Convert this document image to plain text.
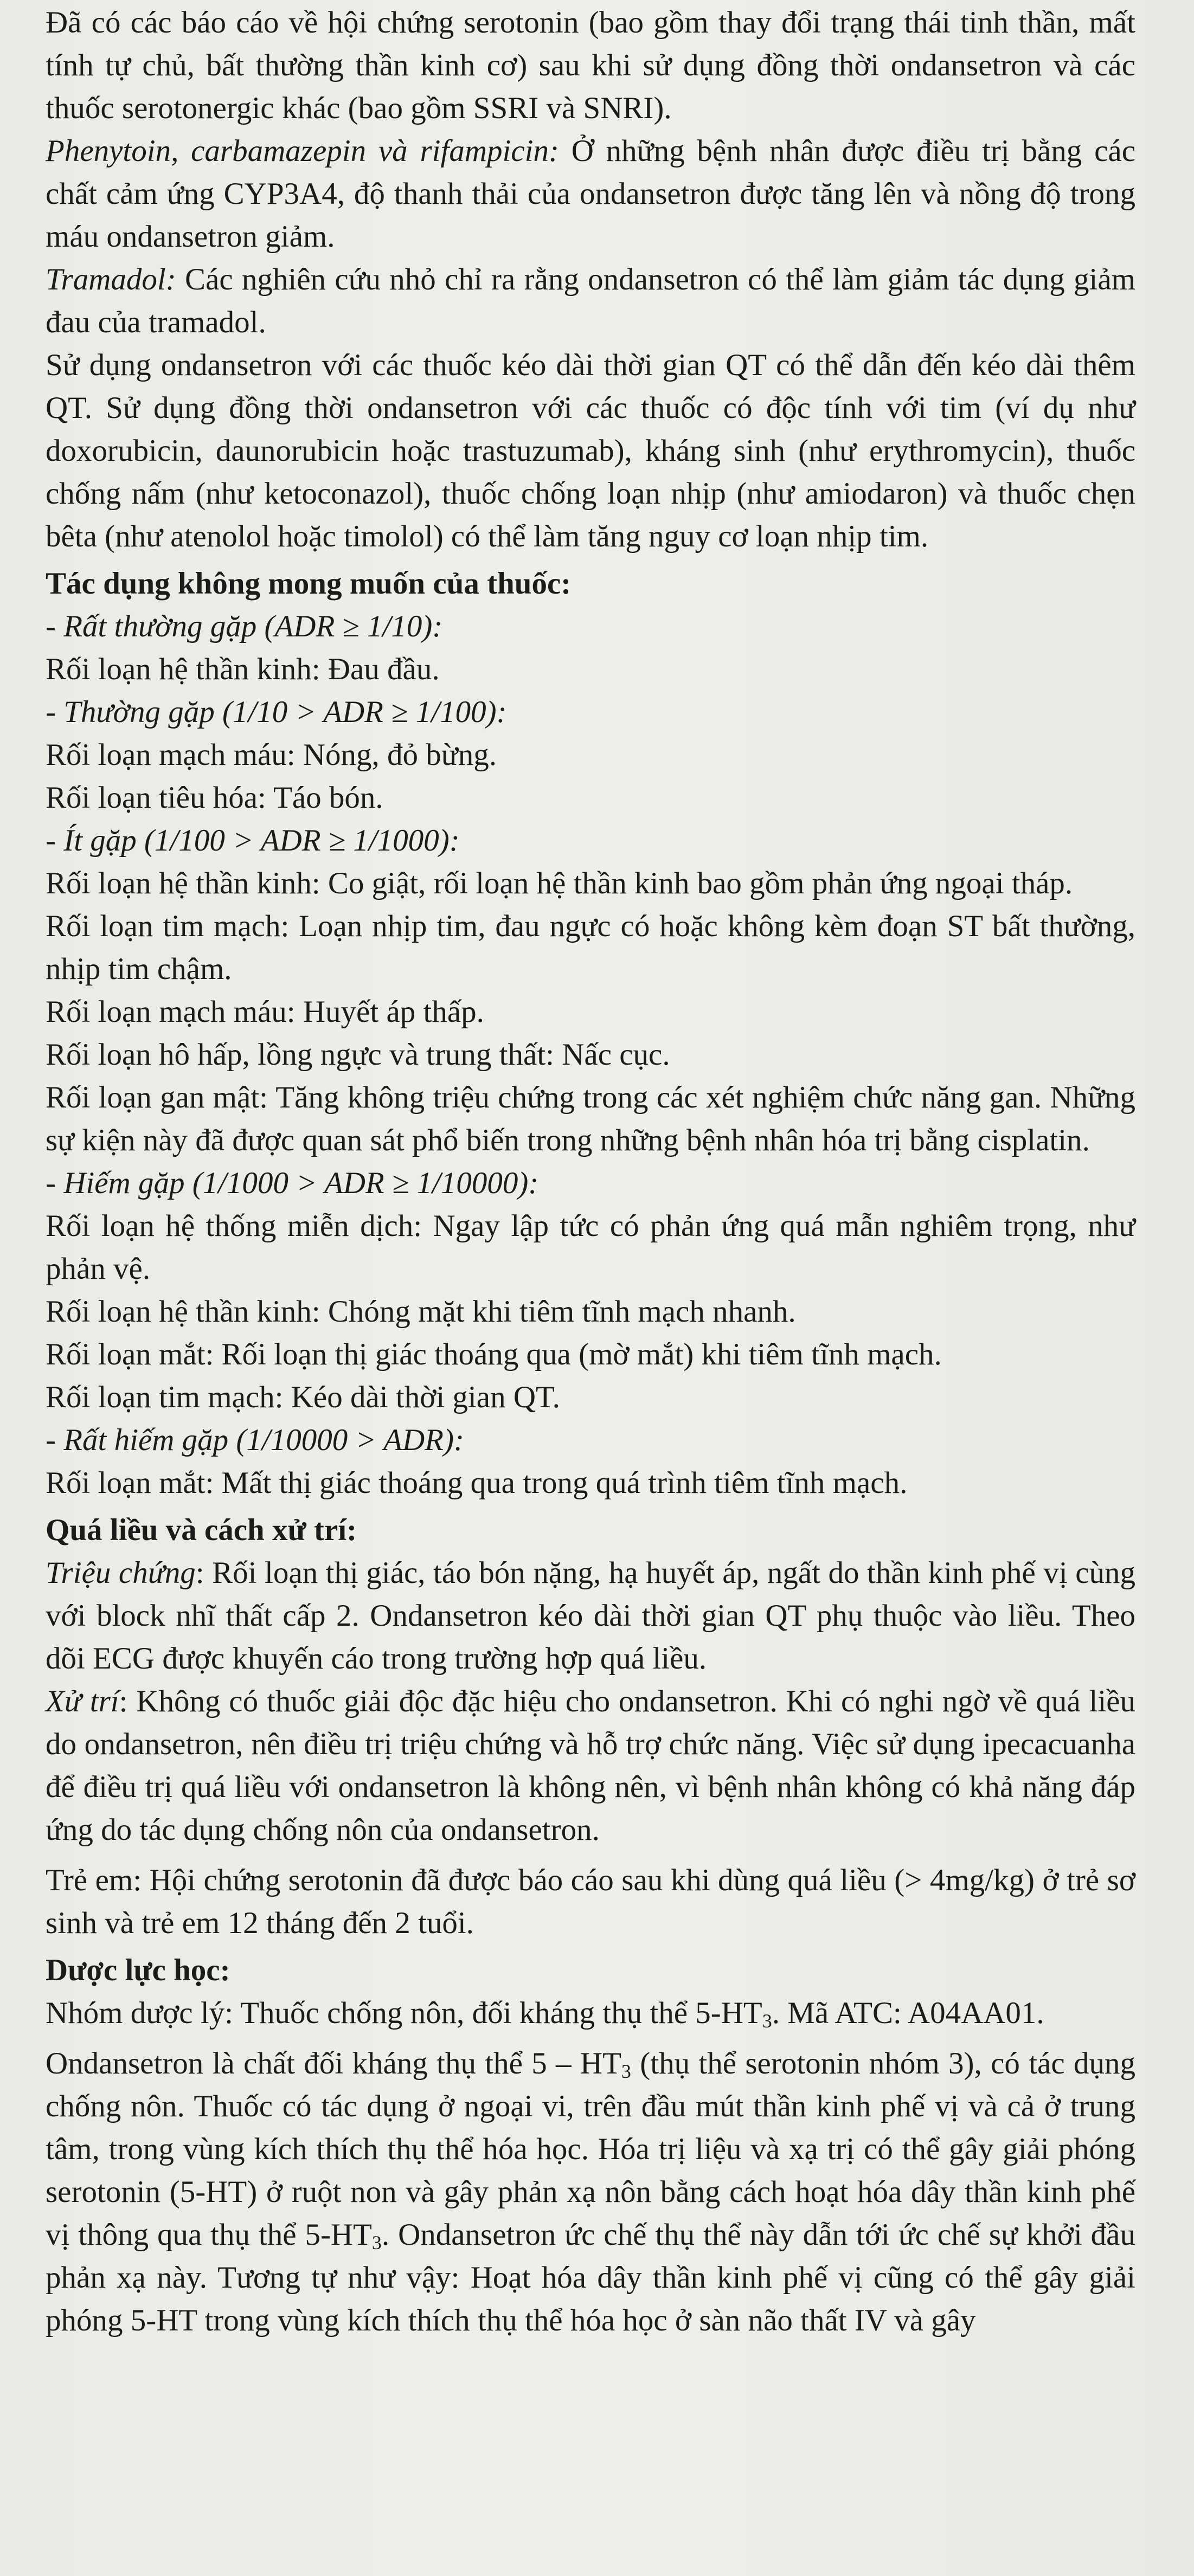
Đã có các báo cáo về hội chứng serotonin (bao gồm thay đổi trạng thái tinh thần, mất tính tự chủ, bất thường thần kinh cơ) sau khi sử dụng đồng thời ondansetron và các thuốc serotonergic khác (bao gồm SSRI và SNRI).

Phenytoin, carbamazepin và rifampicin: Ở những bệnh nhân được điều trị bằng các chất cảm ứng CYP3A4, độ thanh thải của ondansetron được tăng lên và nồng độ trong máu ondansetron giảm.

Tramadol: Các nghiên cứu nhỏ chỉ ra rằng ondansetron có thể làm giảm tác dụng giảm đau của tramadol.

Sử dụng ondansetron với các thuốc kéo dài thời gian QT có thể dẫn đến kéo dài thêm QT. Sử dụng đồng thời ondansetron với các thuốc có độc tính với tim (ví dụ như doxorubicin, daunorubicin hoặc trastuzumab), kháng sinh (như erythromycin), thuốc chống nấm (như ketoconazol), thuốc chống loạn nhịp (như amiodaron) và thuốc chẹn bêta (như atenolol hoặc timolol) có thể làm tăng nguy cơ loạn nhịp tim.

Tác dụng không mong muốn của thuốc:

- Rất thường gặp (ADR ≥ 1/10):

Rối loạn hệ thần kinh: Đau đầu.

- Thường gặp (1/10 > ADR ≥ 1/100):

Rối loạn mạch máu: Nóng, đỏ bừng.

Rối loạn tiêu hóa: Táo bón.

- Ít gặp (1/100 > ADR ≥ 1/1000):

Rối loạn hệ thần kinh: Co giật, rối loạn hệ thần kinh bao gồm phản ứng ngoại tháp.

Rối loạn tim mạch: Loạn nhịp tim, đau ngực có hoặc không kèm đoạn ST bất thường, nhịp tim chậm.

Rối loạn mạch máu: Huyết áp thấp.

Rối loạn hô hấp, lồng ngực và trung thất: Nấc cục.

Rối loạn gan mật: Tăng không triệu chứng trong các xét nghiệm chức năng gan. Những sự kiện này đã được quan sát phổ biến trong những bệnh nhân hóa trị bằng cisplatin.

- Hiếm gặp (1/1000 > ADR ≥ 1/10000):

Rối loạn hệ thống miễn dịch: Ngay lập tức có phản ứng quá mẫn nghiêm trọng, như phản vệ.

Rối loạn hệ thần kinh: Chóng mặt khi tiêm tĩnh mạch nhanh.

Rối loạn mắt: Rối loạn thị giác thoáng qua (mờ mắt) khi tiêm tĩnh mạch.

Rối loạn tim mạch: Kéo dài thời gian QT.

- Rất hiếm gặp (1/10000 > ADR):

Rối loạn mắt: Mất thị giác thoáng qua trong quá trình tiêm tĩnh mạch.

Quá liều và cách xử trí:

Triệu chứng: Rối loạn thị giác, táo bón nặng, hạ huyết áp, ngất do thần kinh phế vị cùng với block nhĩ thất cấp 2. Ondansetron kéo dài thời gian QT phụ thuộc vào liều. Theo dõi ECG được khuyến cáo trong trường hợp quá liều.

Xử trí: Không có thuốc giải độc đặc hiệu cho ondansetron. Khi có nghi ngờ về quá liều do ondansetron, nên điều trị triệu chứng và hỗ trợ chức năng. Việc sử dụng ipecacuanha để điều trị quá liều với ondansetron là không nên, vì bệnh nhân không có khả năng đáp ứng do tác dụng chống nôn của ondansetron.

Trẻ em: Hội chứng serotonin đã được báo cáo sau khi dùng quá liều (> 4mg/kg) ở trẻ sơ sinh và trẻ em 12 tháng đến 2 tuổi.

Dược lực học:

Nhóm dược lý: Thuốc chống nôn, đối kháng thụ thể $5-HT_3$. Mã ATC: A04AA01.

Ondansetron là chất đối kháng thụ thể $5 - HT_3$ (thụ thể serotonin nhóm 3), có tác dụng chống nôn. Thuốc có tác dụng ở ngoại vi, trên đầu mút thần kinh phế vị và cả ở trung tâm, trong vùng kích thích thụ thể hóa học. Hóa trị liệu và xạ trị có thể gây giải phóng serotonin (5-HT) ở ruột non và gây phản xạ nôn bằng cách hoạt hóa dây thần kinh phế vị thông qua thụ thể $5-HT_3$. Ondansetron ức chế thụ thể này dẫn tới ức chế sự khởi đầu phản xạ này. Tương tự như vậy: Hoạt hóa dây thần kinh phế vị cũng có thể gây giải phóng 5-HT trong vùng kích thích thụ thể hóa học ở sàn não thất IV và gây
